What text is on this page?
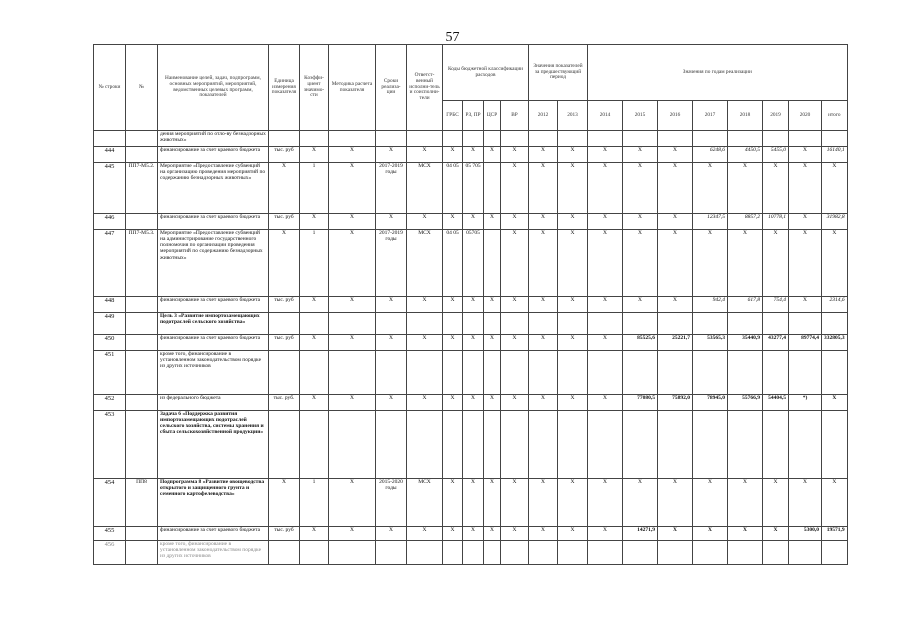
57
№ строки	№	Наименование целей, задач, подпрограмм, основных мероприятий, мероприятий, ведомственных целевых программ, показателей	Единица измерения показателя	Коэффи-циент значимо-сти	Методика расчета показателя	Сроки реализа-ции	Ответст-венный исполни-тель и соисполни-тели	Коды бюджетной классификации расходов				Значения показателей за предшествующий период		Значения по годам реализации							
								ГРБС	РЗ, ПР	ЦСР	ВР	2012	2013	2014	2015	2016	2017	2018	2019	2020	итого
		дения мероприятий по отло-ву безнадзорных животных»																			
444		финансирование за счет краевого бюджета	тыс. руб	X	X	X	X	X	X	X	X	X	X	X	X	X	6248,6	4450,5	5455,0	X	16140,1
445	ПП7-М5.2.	Мероприятие «Предоставление субвенций на организацию проведения мероприятий по содержанию безнадзорных животных»	X	1	X	2017-2019 годы	МСХ	04 05	05 705		X	X	X	X	X	X	X	X	X	X	X
446		финансирование за счет краевого бюджета	тыс. руб	X	X	X	X	X	X	X	X	X	X	X	X	X	12347,5	8857,2	10778,1	X	31982,8
447	ПП7-М5.3.	Мероприятие «Предоставление субвенций на администрирование государственного полномочия по организации проведения мероприятий по содержанию безнадзорных животных»	X	1	X	2017-2019 годы	МСХ	04 05	05705		X	X	X	X	X	X	X	X	X	X	X
448		финансирование за счет краевого бюджета	тыс. руб	X	X	X	X	X	X	X	X	X	X	X	X	X	942,4	617,8	754,4	X	2314,6
449		Цель 3 «Развитие импортозамещающих подотраслей сельского хозяйства»																			
450		финансирование за счет краевого бюджета	тыс. руб	X	X	X	X	X	X	X	X	X	X	X	85525,6	25221,7	53565,3	35440,9	43277,4	89774,4	332805,3
451		кроме того, финансирование в установленном законодательством порядке из других источников																			
452		из федерального бюджета	тыс. руб.	X	X	X	X	X	X	X	X	X	X	X	77080,5	75892,0	78945,0	55766,9	54404,5	*)	X
453		Задача 6 «Поддержка развития импортозамещающих подотраслей сельского хозяйства, системы хранения и сбыта сельскохозяйственной продукции»																			
454	ПП8	Подпрограмма 8 «Развитие овощеводства открытого и защищенного грунта и семенного картофелеводства»	X	1	X	2015-2020 годы	МСХ	X	X	X	X	X	X	X	X	X	X	X	X	X	X
455		финансирование за счет краевого бюджета	тыс. руб	X	X	X	X	X	X	X	X	X	X	X	14271,9	X	X	X	X	5300,0	19571,9
456		кроме того, финансирование в установленном законодательством порядке из других источников																			
